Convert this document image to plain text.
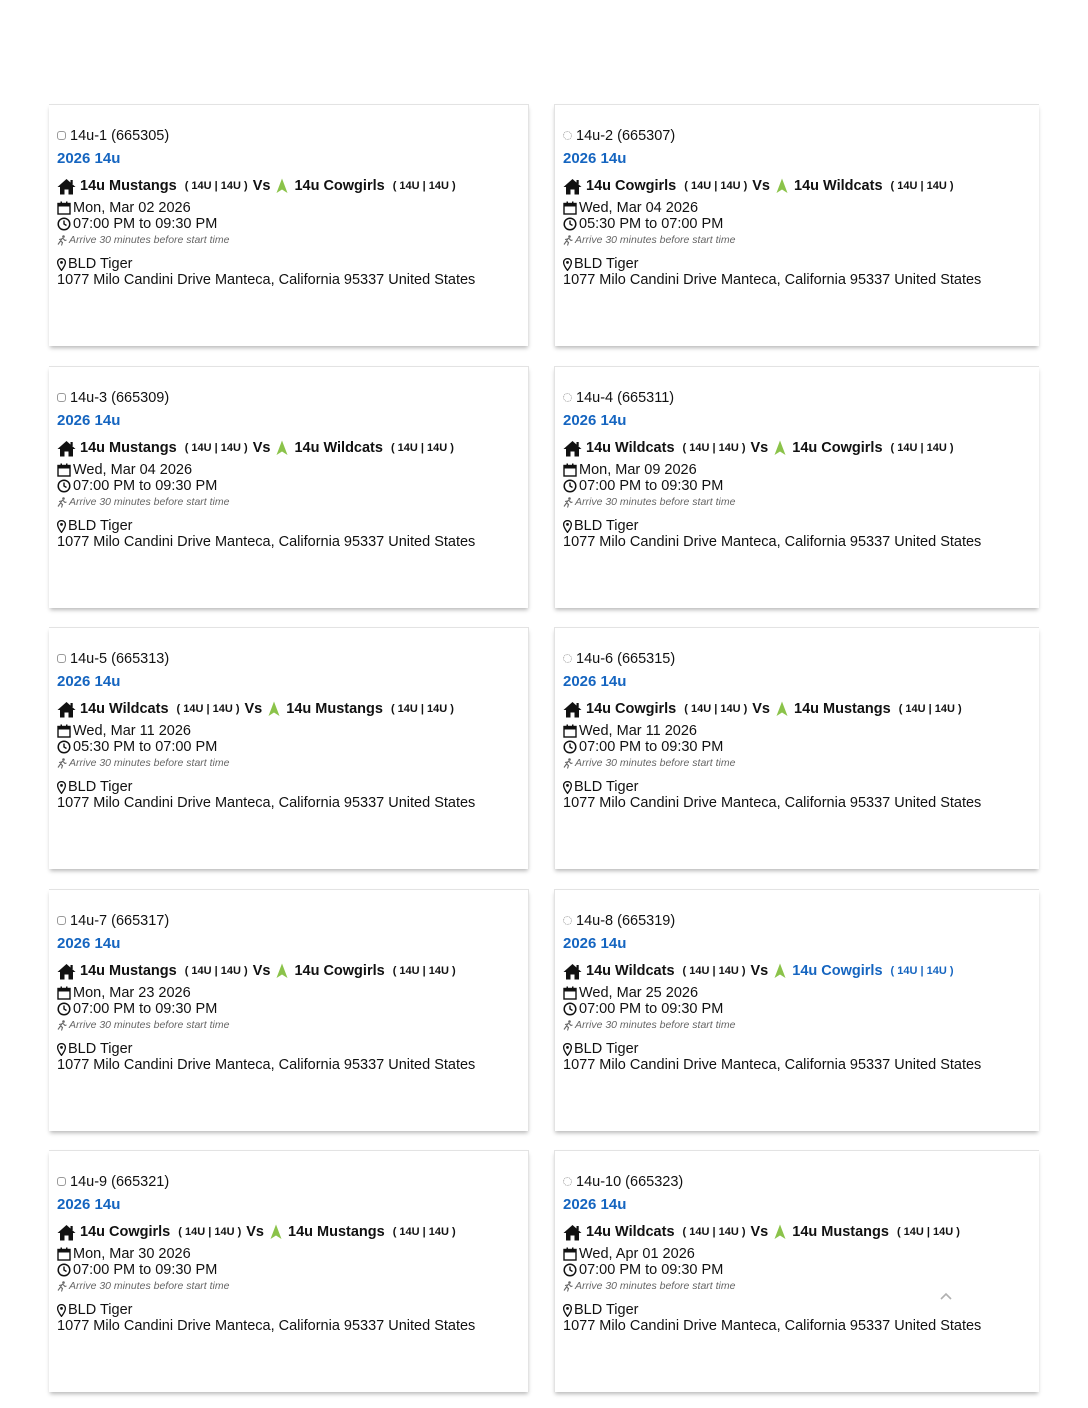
14u-1 (665305)
2026 14u
14u Mustangs ( 14U | 14U ) Vs 14u Cowgirls ( 14U | 14U )
Mon, Mar 02 2026
07:00 PM to 09:30 PM
Arrive 30 minutes before start time
BLD Tiger
1077 Milo Candini Drive Manteca, California 95337 United States
14u-2 (665307)
2026 14u
14u Cowgirls ( 14U | 14U ) Vs 14u Wildcats ( 14U | 14U )
Wed, Mar 04 2026
05:30 PM to 07:00 PM
Arrive 30 minutes before start time
BLD Tiger
1077 Milo Candini Drive Manteca, California 95337 United States
14u-3 (665309)
2026 14u
14u Mustangs ( 14U | 14U ) Vs 14u Wildcats ( 14U | 14U )
Wed, Mar 04 2026
07:00 PM to 09:30 PM
Arrive 30 minutes before start time
BLD Tiger
1077 Milo Candini Drive Manteca, California 95337 United States
14u-4 (665311)
2026 14u
14u Wildcats ( 14U | 14U ) Vs 14u Cowgirls ( 14U | 14U )
Mon, Mar 09 2026
07:00 PM to 09:30 PM
Arrive 30 minutes before start time
BLD Tiger
1077 Milo Candini Drive Manteca, California 95337 United States
14u-5 (665313)
2026 14u
14u Wildcats ( 14U | 14U ) Vs 14u Mustangs ( 14U | 14U )
Wed, Mar 11 2026
05:30 PM to 07:00 PM
Arrive 30 minutes before start time
BLD Tiger
1077 Milo Candini Drive Manteca, California 95337 United States
14u-6 (665315)
2026 14u
14u Cowgirls ( 14U | 14U ) Vs 14u Mustangs ( 14U | 14U )
Wed, Mar 11 2026
07:00 PM to 09:30 PM
Arrive 30 minutes before start time
BLD Tiger
1077 Milo Candini Drive Manteca, California 95337 United States
14u-7 (665317)
2026 14u
14u Mustangs ( 14U | 14U ) Vs 14u Cowgirls ( 14U | 14U )
Mon, Mar 23 2026
07:00 PM to 09:30 PM
Arrive 30 minutes before start time
BLD Tiger
1077 Milo Candini Drive Manteca, California 95337 United States
14u-8 (665319)
2026 14u
14u Wildcats ( 14U | 14U ) Vs 14u Cowgirls ( 14U | 14U )
Wed, Mar 25 2026
07:00 PM to 09:30 PM
Arrive 30 minutes before start time
BLD Tiger
1077 Milo Candini Drive Manteca, California 95337 United States
14u-9 (665321)
2026 14u
14u Cowgirls ( 14U | 14U ) Vs 14u Mustangs ( 14U | 14U )
Mon, Mar 30 2026
07:00 PM to 09:30 PM
Arrive 30 minutes before start time
BLD Tiger
1077 Milo Candini Drive Manteca, California 95337 United States
14u-10 (665323)
2026 14u
14u Wildcats ( 14U | 14U ) Vs 14u Mustangs ( 14U | 14U )
Wed, Apr 01 2026
07:00 PM to 09:30 PM
Arrive 30 minutes before start time
BLD Tiger
1077 Milo Candini Drive Manteca, California 95337 United States
